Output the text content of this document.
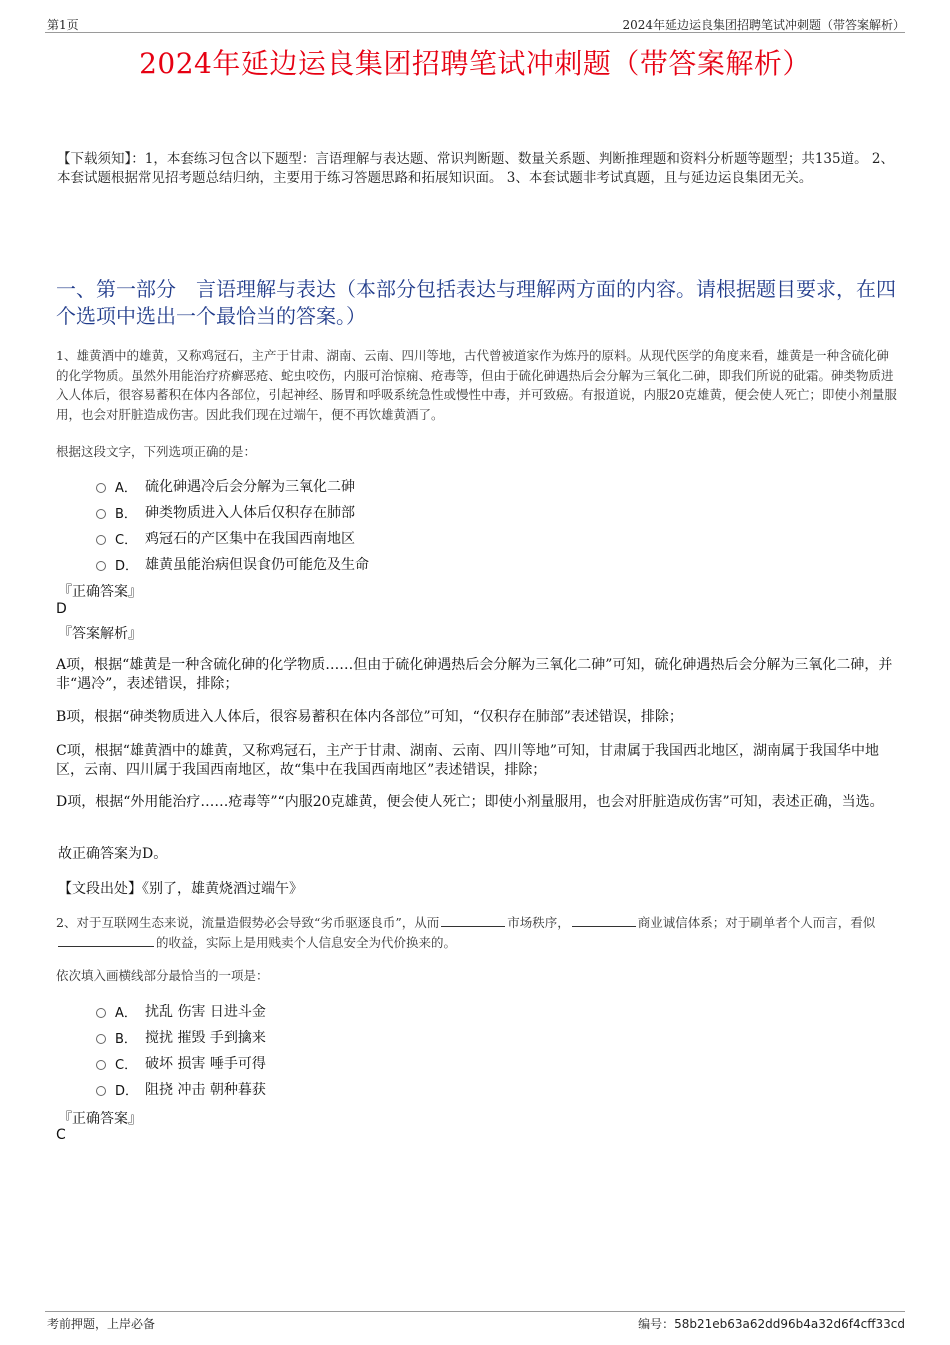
第1页	2024年延边运良集团招聘笔试冲刺题（带答案解析）
2024年延边运良集团招聘笔试冲刺题（带答案解析）
【下载须知】：1，本套练习包含以下题型：言语理解与表达题、常识判断题、数量关系题、判断推理题和资料分析题等题型；共135道。 2、本套试题根据常见招考题总结归纳，主要用于练习答题思路和拓展知识面。 3、本套试题非考试真题，且与延边运良集团无关。
一、第一部分　言语理解与表达（本部分包括表达与理解两方面的内容。请根据题目要求，在四个选项中选出一个最恰当的答案。）
1、雄黄酒中的雄黄，又称鸡冠石，主产于甘肃、湖南、云南、四川等地，古代曾被道家作为炼丹的原料。从现代医学的角度来看，雄黄是一种含硫化砷的化学物质。虽然外用能治疗疥癣恶疮、蛇虫咬伤，内服可治惊痫、疮毒等，但由于硫化砷遇热后会分解为三氧化二砷，即我们所说的砒霜。砷类物质进入人体后，很容易蓄积在体内各部位，引起神经、肠胃和呼吸系统急性或慢性中毒，并可致癌。有报道说，内服20克雄黄，便会使人死亡；即使小剂量服用，也会对肝脏造成伤害。因此我们现在过端午，便不再饮雄黄酒了。
根据这段文字，下列选项正确的是：
A． 硫化砷遇冷后会分解为三氧化二砷
B． 砷类物质进入人体后仅积存在肺部
C． 鸡冠石的产区集中在我国西南地区
D． 雄黄虽能治病但误食仍可能危及生命
『正确答案』
D
『答案解析』
A项，根据“雄黄是一种含硫化砷的化学物质……但由于硫化砷遇热后会分解为三氧化二砷”可知，硫化砷遇热后会分解为三氧化二砷，并非“遇冷”，表述错误，排除；
B项，根据“砷类物质进入人体后，很容易蓄积在体内各部位”可知，“仅积存在肺部”表述错误，排除；
C项，根据“雄黄酒中的雄黄，又称鸡冠石，主产于甘肃、湖南、云南、四川等地”可知，甘肃属于我国西北地区，湖南属于我国华中地区，云南、四川属于我国西南地区，故“集中在我国西南地区”表述错误，排除；
D项，根据“外用能治疗……疮毒等”“内服20克雄黄，便会使人死亡；即使小剂量服用，也会对肝脏造成伤害”可知，表述正确，当选。
故正确答案为D。
【文段出处】《别了，雄黄烧酒过端午》
2、对于互联网生态来说，流量造假势必会导致“劣币驱逐良币”，从而	市场秩序，	商业诚信体系；对于刷单者个人而言，看似的收益，实际上是用贱卖个人信息安全为代价换来的。
依次填入画横线部分最恰当的一项是：
A． 扰乱 伤害 日进斗金
B． 搅扰 摧毁 手到擒来
C． 破坏 损害 唾手可得
D． 阻挠 冲击 朝种暮获
『正确答案』
C
考前押题，上岸必备	编号：58b21eb63a62dd96b4a32d6f4cff33cd
